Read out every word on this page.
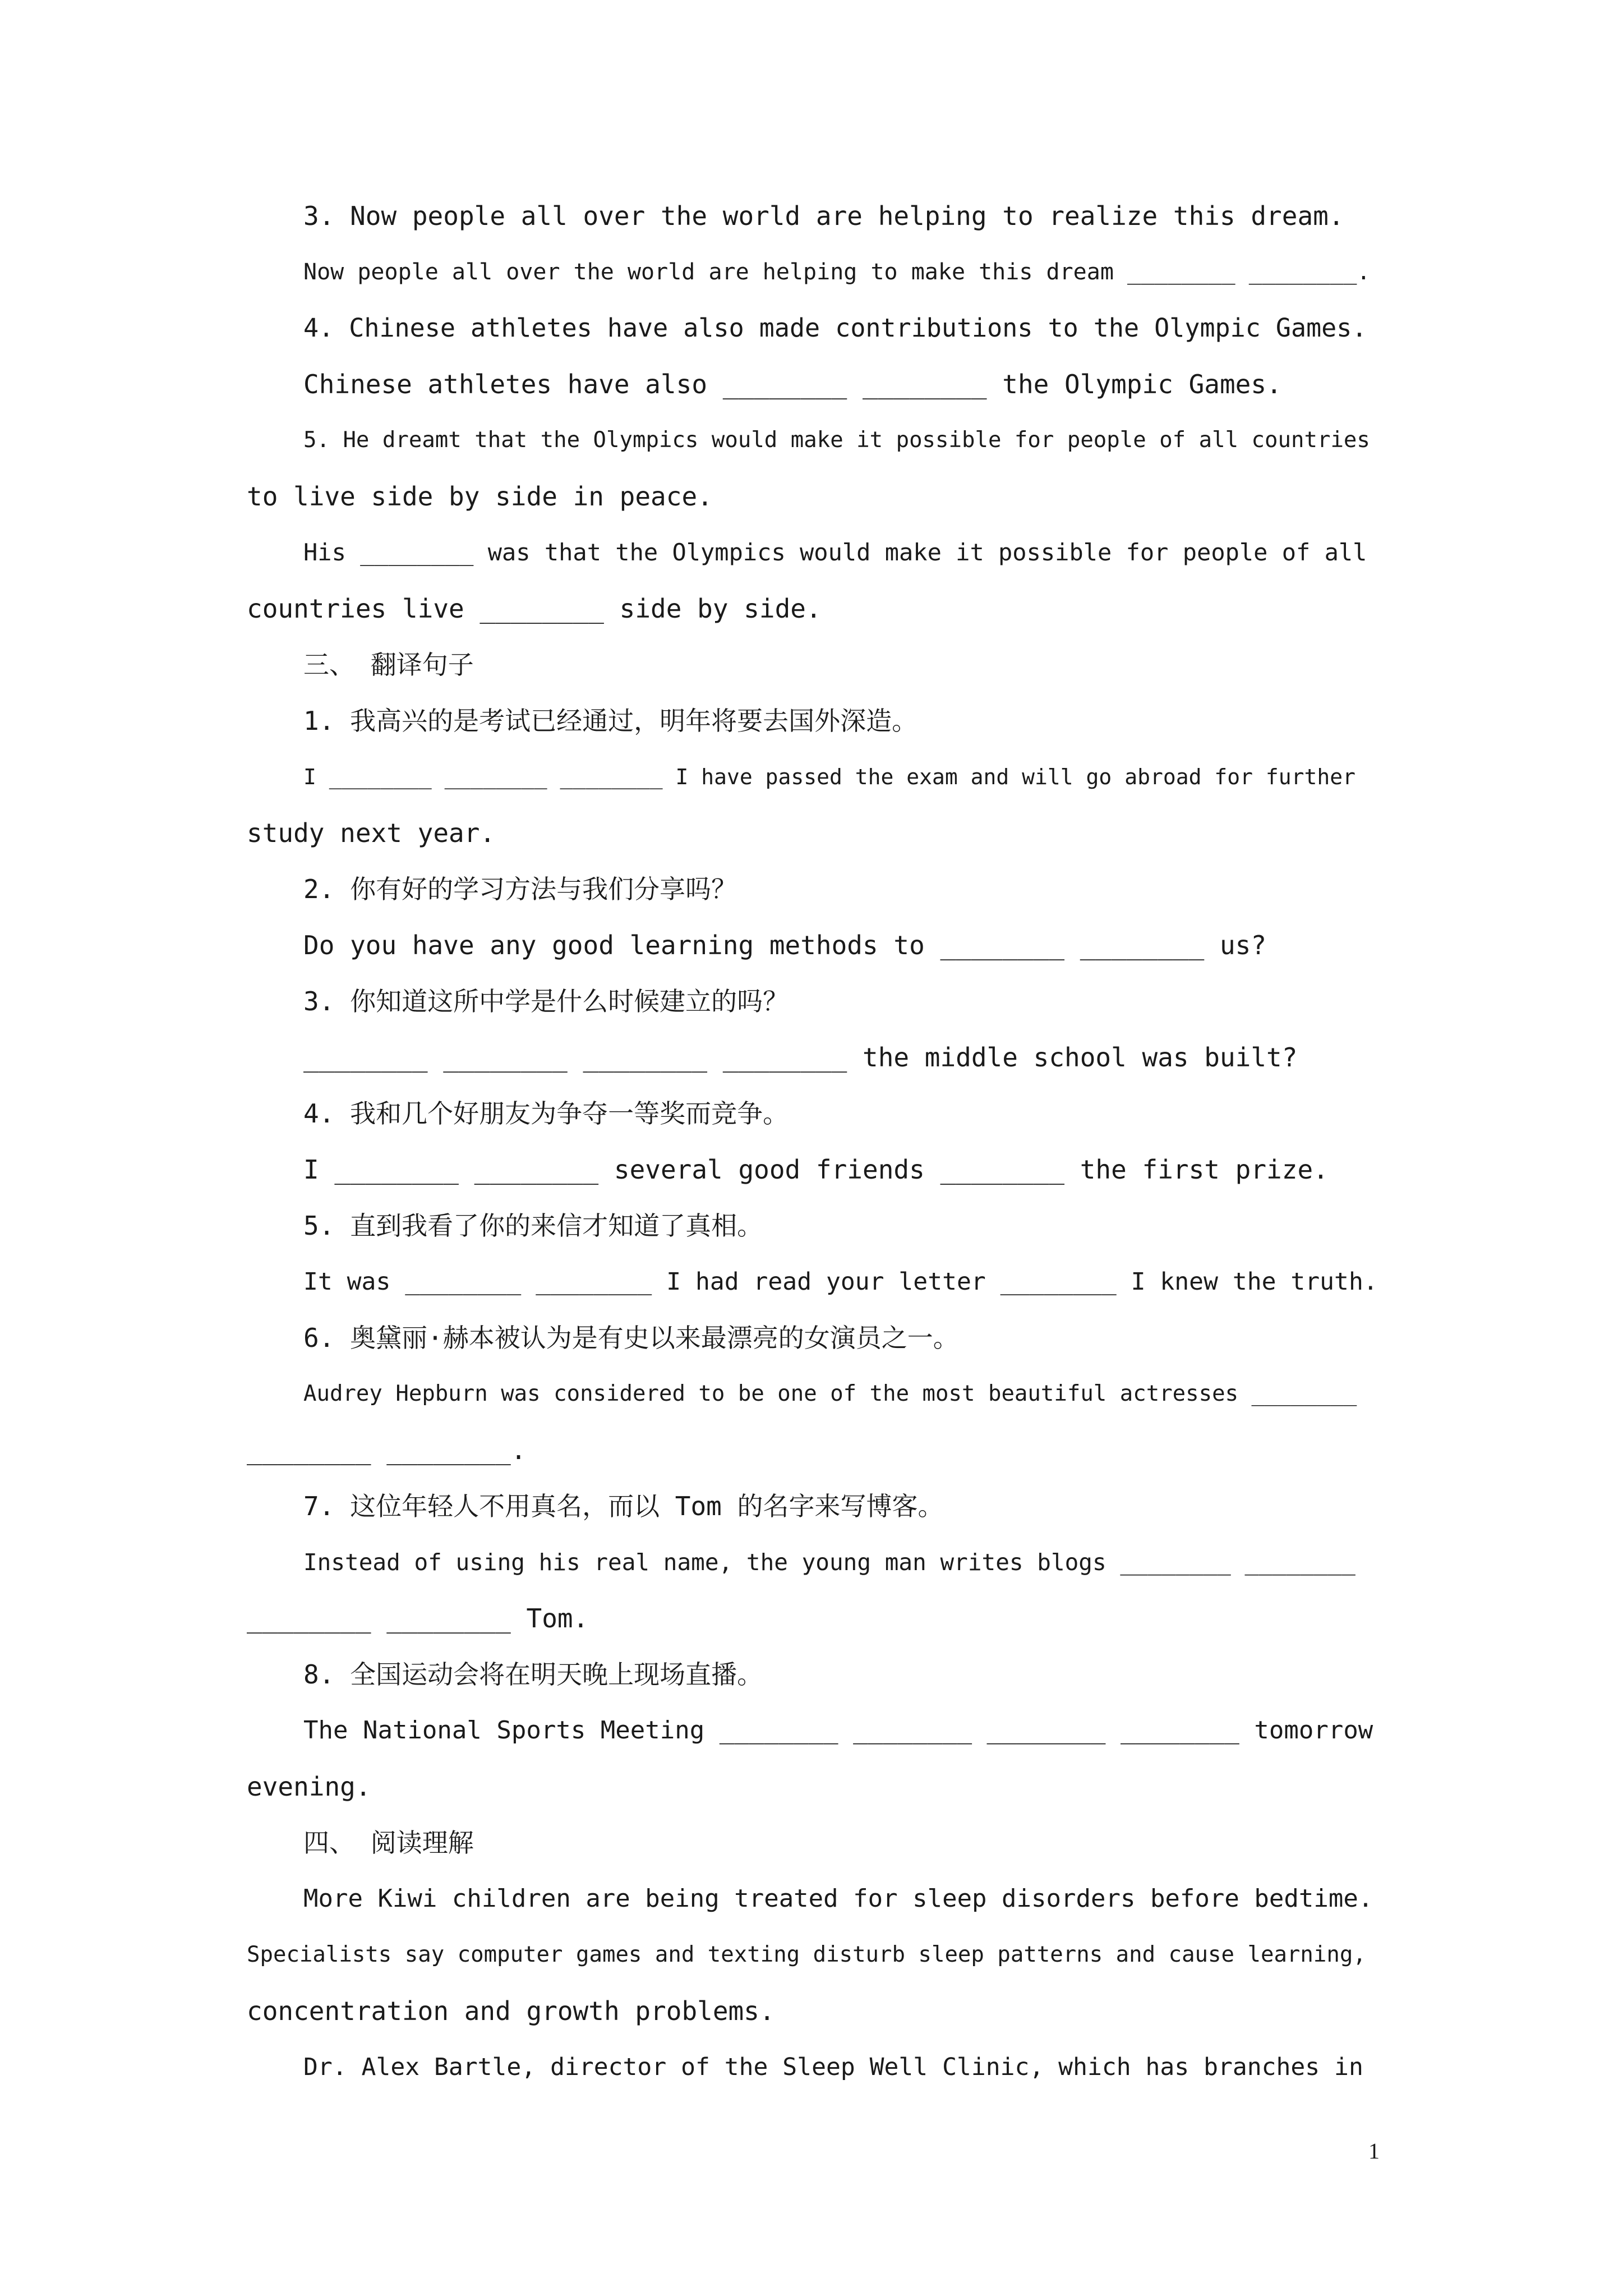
3. Now people all over the world are helping to realize this dream.
Now people all over the world are helping to make this dream ________ ________.
4. Chinese athletes have also made contributions to the Olympic Games.
Chinese athletes have also ________ ________ the Olympic Games.
5. He dreamt that the Olympics would make it possible for people of all countries
to live side by side in peace.
His ________ was that the Olympics would make it possible for people of all
countries live ________ side by side.
三、 翻译句子
1. 我高兴的是考试已经通过，明年将要去国外深造。
I ________ ________ ________ I have passed the exam and will go abroad for further
study next year.
2. 你有好的学习方法与我们分享吗？
Do you have any good learning methods to ________ ________ us?
3. 你知道这所中学是什么时候建立的吗？
________ ________ ________ ________ the middle school was built?
4. 我和几个好朋友为争夺一等奖而竞争。
I ________ ________ several good friends ________ the first prize.
5. 直到我看了你的来信才知道了真相。
It was ________ ________ I had read your letter ________ I knew the truth.
6. 奥黛丽·赫本被认为是有史以来最漂亮的女演员之一。
Audrey Hepburn was considered to be one of the most beautiful actresses ________
________ ________.
7. 这位年轻人不用真名，而以 Tom 的名字来写博客。
Instead of using his real name, the young man writes blogs ________ ________
________ ________ Tom.
8. 全国运动会将在明天晚上现场直播。
The National Sports Meeting ________ ________ ________ ________ tomorrow
evening.
四、 阅读理解
More Kiwi children are being treated for sleep disorders before bedtime.
Specialists say computer games and texting disturb sleep patterns and cause learning,
concentration and growth problems.
Dr. Alex Bartle, director of the Sleep Well Clinic, which has branches in
1
